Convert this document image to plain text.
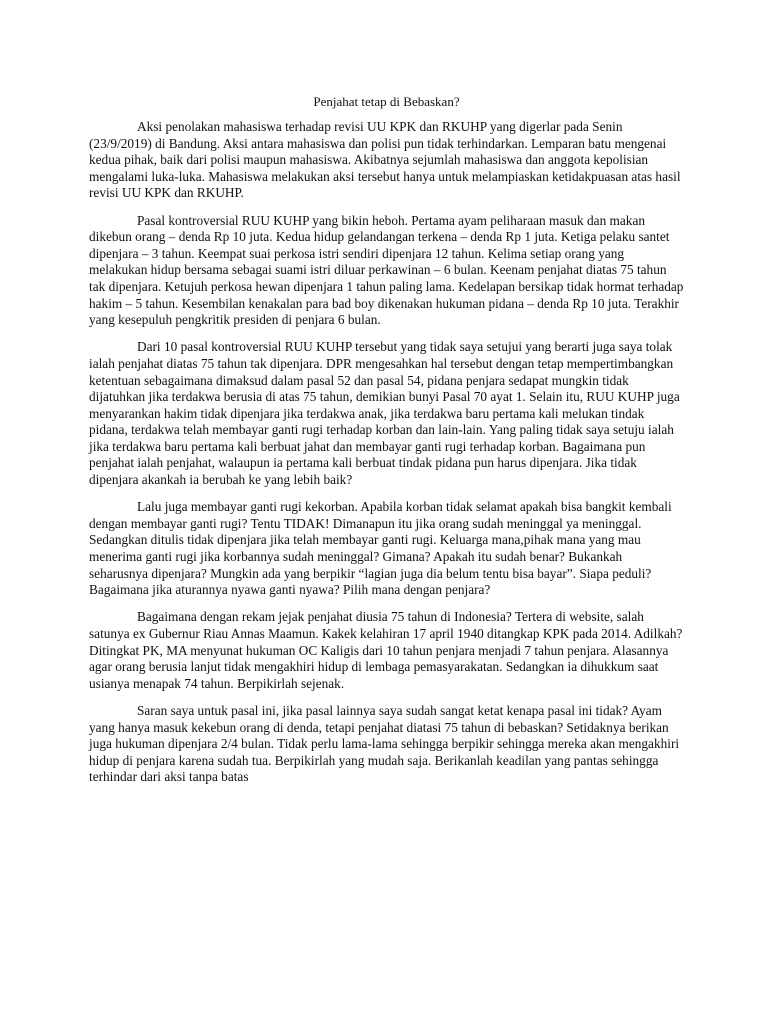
Penjahat tetap di Bebaskan?

Aksi penolakan mahasiswa terhadap revisi UU KPK dan RKUHP yang digerlar pada Senin (23/9/2019) di Bandung. Aksi antara mahasiswa dan polisi pun tidak terhindarkan. Lemparan batu mengenai kedua pihak, baik dari polisi maupun mahasiswa. Akibatnya sejumlah mahasiswa dan anggota kepolisian mengalami luka-luka. Mahasiswa melakukan aksi tersebut hanya untuk melampiaskan ketidakpuasan atas hasil revisi UU KPK dan RKUHP.

Pasal kontroversial RUU KUHP yang bikin heboh. Pertama ayam peliharaan masuk dan makan dikebun orang – denda Rp 10 juta. Kedua hidup gelandangan terkena – denda Rp 1 juta. Ketiga pelaku santet dipenjara – 3 tahun. Keempat suai perkosa istri sendiri dipenjara 12 tahun. Kelima setiap orang yang melakukan hidup bersama sebagai suami istri diluar perkawinan – 6 bulan. Keenam penjahat diatas 75 tahun tak dipenjara. Ketujuh perkosa hewan dipenjara 1 tahun paling lama. Kedelapan bersikap tidak hormat terhadap hakim – 5 tahun. Kesembilan kenakalan para bad boy dikenakan hukuman pidana – denda Rp 10 juta. Terakhir yang kesepuluh pengkritik presiden di penjara 6 bulan.

Dari 10 pasal kontroversial RUU KUHP tersebut yang tidak saya setujui yang berarti juga saya tolak ialah penjahat diatas 75 tahun tak dipenjara. DPR mengesahkan hal tersebut dengan tetap mempertimbangkan ketentuan sebagaimana dimaksud dalam pasal 52 dan pasal 54, pidana penjara sedapat mungkin tidak dijatuhkan jika terdakwa berusia di atas 75 tahun, demikian bunyi Pasal 70 ayat 1. Selain itu, RUU KUHP juga menyarankan hakim tidak dipenjara jika terdakwa anak, jika terdakwa baru pertama kali melukan tindak pidana, terdakwa telah membayar ganti rugi terhadap korban dan lain-lain. Yang paling tidak saya setuju ialah jika terdakwa baru pertama kali berbuat jahat dan membayar ganti rugi terhadap korban. Bagaimana pun penjahat ialah penjahat, walaupun ia pertama kali berbuat tindak pidana pun harus dipenjara. Jika tidak dipenjara akankah ia berubah ke yang lebih baik?

Lalu juga membayar ganti rugi kekorban. Apabila korban tidak selamat apakah bisa bangkit kembali dengan membayar ganti rugi? Tentu TIDAK! Dimanapun itu jika orang sudah meninggal ya meninggal. Sedangkan ditulis tidak dipenjara jika telah membayar ganti rugi. Keluarga mana,pihak mana yang mau menerima ganti rugi jika korbannya sudah meninggal? Gimana? Apakah itu sudah benar? Bukankah seharusnya dipenjara? Mungkin ada yang berpikir “lagian juga dia belum tentu bisa bayar”. Siapa peduli? Bagaimana jika aturannya nyawa ganti nyawa? Pilih mana dengan penjara?

Bagaimana dengan rekam jejak penjahat diusia 75 tahun di Indonesia? Tertera di website, salah satunya ex Gubernur Riau Annas Maamun. Kakek kelahiran 17 april 1940 ditangkap KPK pada 2014. Adilkah? Ditingkat PK, MA menyunat hukuman OC Kaligis dari 10 tahun penjara menjadi 7 tahun penjara. Alasannya agar orang berusia lanjut tidak mengakhiri hidup di lembaga pemasyarakatan. Sedangkan ia dihukkum saat usianya menapak 74 tahun. Berpikirlah sejenak.

Saran saya untuk pasal ini, jika pasal lainnya saya sudah sangat ketat kenapa pasal ini tidak? Ayam yang hanya masuk kekebun orang di denda, tetapi penjahat diatasi 75 tahun di bebaskan? Setidaknya berikan juga hukuman dipenjara 2/4 bulan. Tidak perlu lama-lama sehingga berpikir sehingga mereka akan mengakhiri hidup di penjara karena sudah tua. Berpikirlah yang mudah saja. Berikanlah keadilan yang pantas sehingga terhindar dari aksi tanpa batas
